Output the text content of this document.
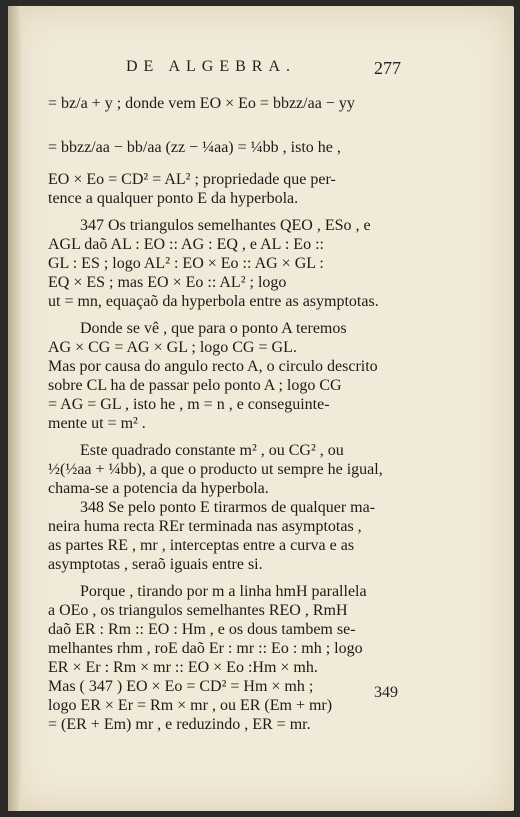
DE ALGEBRA.	277
= bz/a + y ; donde vem EO × Eo = bbzz/aa − yy
= bbzz/aa − bb/aa (zz − ¼aa) = ¼bb , isto he ,
EO × Eo = CD² = AL² ; propriedade que per-
tence a qualquer ponto E da hyperbola.
347 Os triangulos semelhantes QEO , ESo , e
AGL daõ AL : EO :: AG : EQ , e AL : Eo ::
GL : ES ; logo AL² : EO × Eo :: AG × GL :
EQ × ES ; mas EO × Eo :: AL² ; logo
ut = mn, equaçaõ da hyperbola entre as asymptotas.
Donde se vê , que para o ponto A teremos
AG × CG = AG × GL ; logo CG = GL.
Mas por causa do angulo recto A, o circulo descrito
sobre CL ha de passar pelo ponto A ; logo CG
= AG = GL , isto he , m = n , e conseguinte-
mente ut = m² .
Este quadrado constante m² , ou CG² , ou
½(½aa + ¼bb), a que o producto ut sempre he igual,
chama-se a potencia da hyperbola.
348 Se pelo ponto E tirarmos de qualquer ma-
neira huma recta REr terminada nas asymptotas ,
as partes RE , mr , interceptas entre a curva e as
asymptotas , seraõ iguais entre si.
Porque , tirando por m a linha hmH parallela
a OEo , os triangulos semelhantes REO , RmH
daõ ER : Rm :: EO : Hm , e os dous tambem se-
melhantes rhm , roE daõ Er : mr :: Eo : mh ; logo
ER × Er : Rm × mr :: EO × Eo :Hm × mh.
Mas ( 347 ) EO × Eo = CD² = Hm × mh ;
logo ER × Er = Rm × mr , ou ER (Em + mr)
= (ER + Em) mr , e reduzindo , ER = mr.
349
